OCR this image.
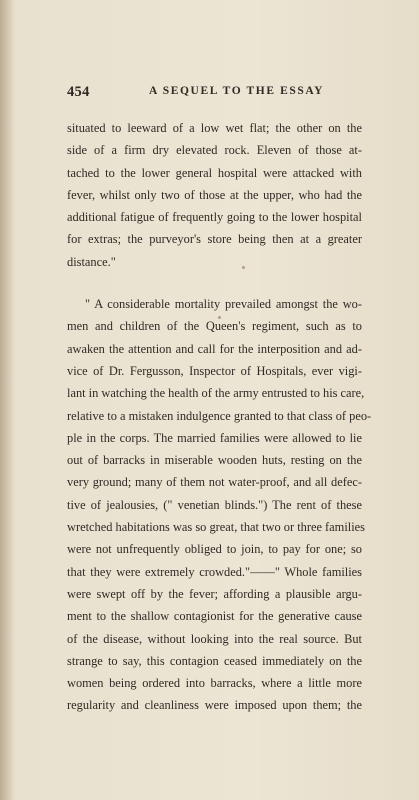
454	A SEQUEL TO THE ESSAY
situated to leeward of a low wet flat; the other on the
side of a firm dry elevated rock. Eleven of those at-
tached to the lower general hospital were attacked with
fever, whilst only two of those at the upper, who had the
additional fatigue of frequently going to the lower hospital
for extras; the purveyor's store being then at a greater
distance."
" A considerable mortality prevailed amongst the wo-
men and children of the Queen's regiment, such as to
awaken the attention and call for the interposition and ad-
vice of Dr. Fergusson, Inspector of Hospitals, ever vigi-
lant in watching the health of the army entrusted to his care,
relative to a mistaken indulgence granted to that class of peo-
ple in the corps. The married families were allowed to lie
out of barracks in miserable wooden huts, resting on the
very ground; many of them not water-proof, and all defec-
tive of jealousies, (" venetian blinds.") The rent of these
wretched habitations was so great, that two or three families
were not unfrequently obliged to join, to pay for one; so
that they were extremely crowded."——" Whole families
were swept off by the fever; affording a plausible argu-
ment to the shallow contagionist for the generative cause
of the disease, without looking into the real source. But
strange to say, this contagion ceased immediately on the
women being ordered into barracks, where a little more
regularity and cleanliness were imposed upon them; the
